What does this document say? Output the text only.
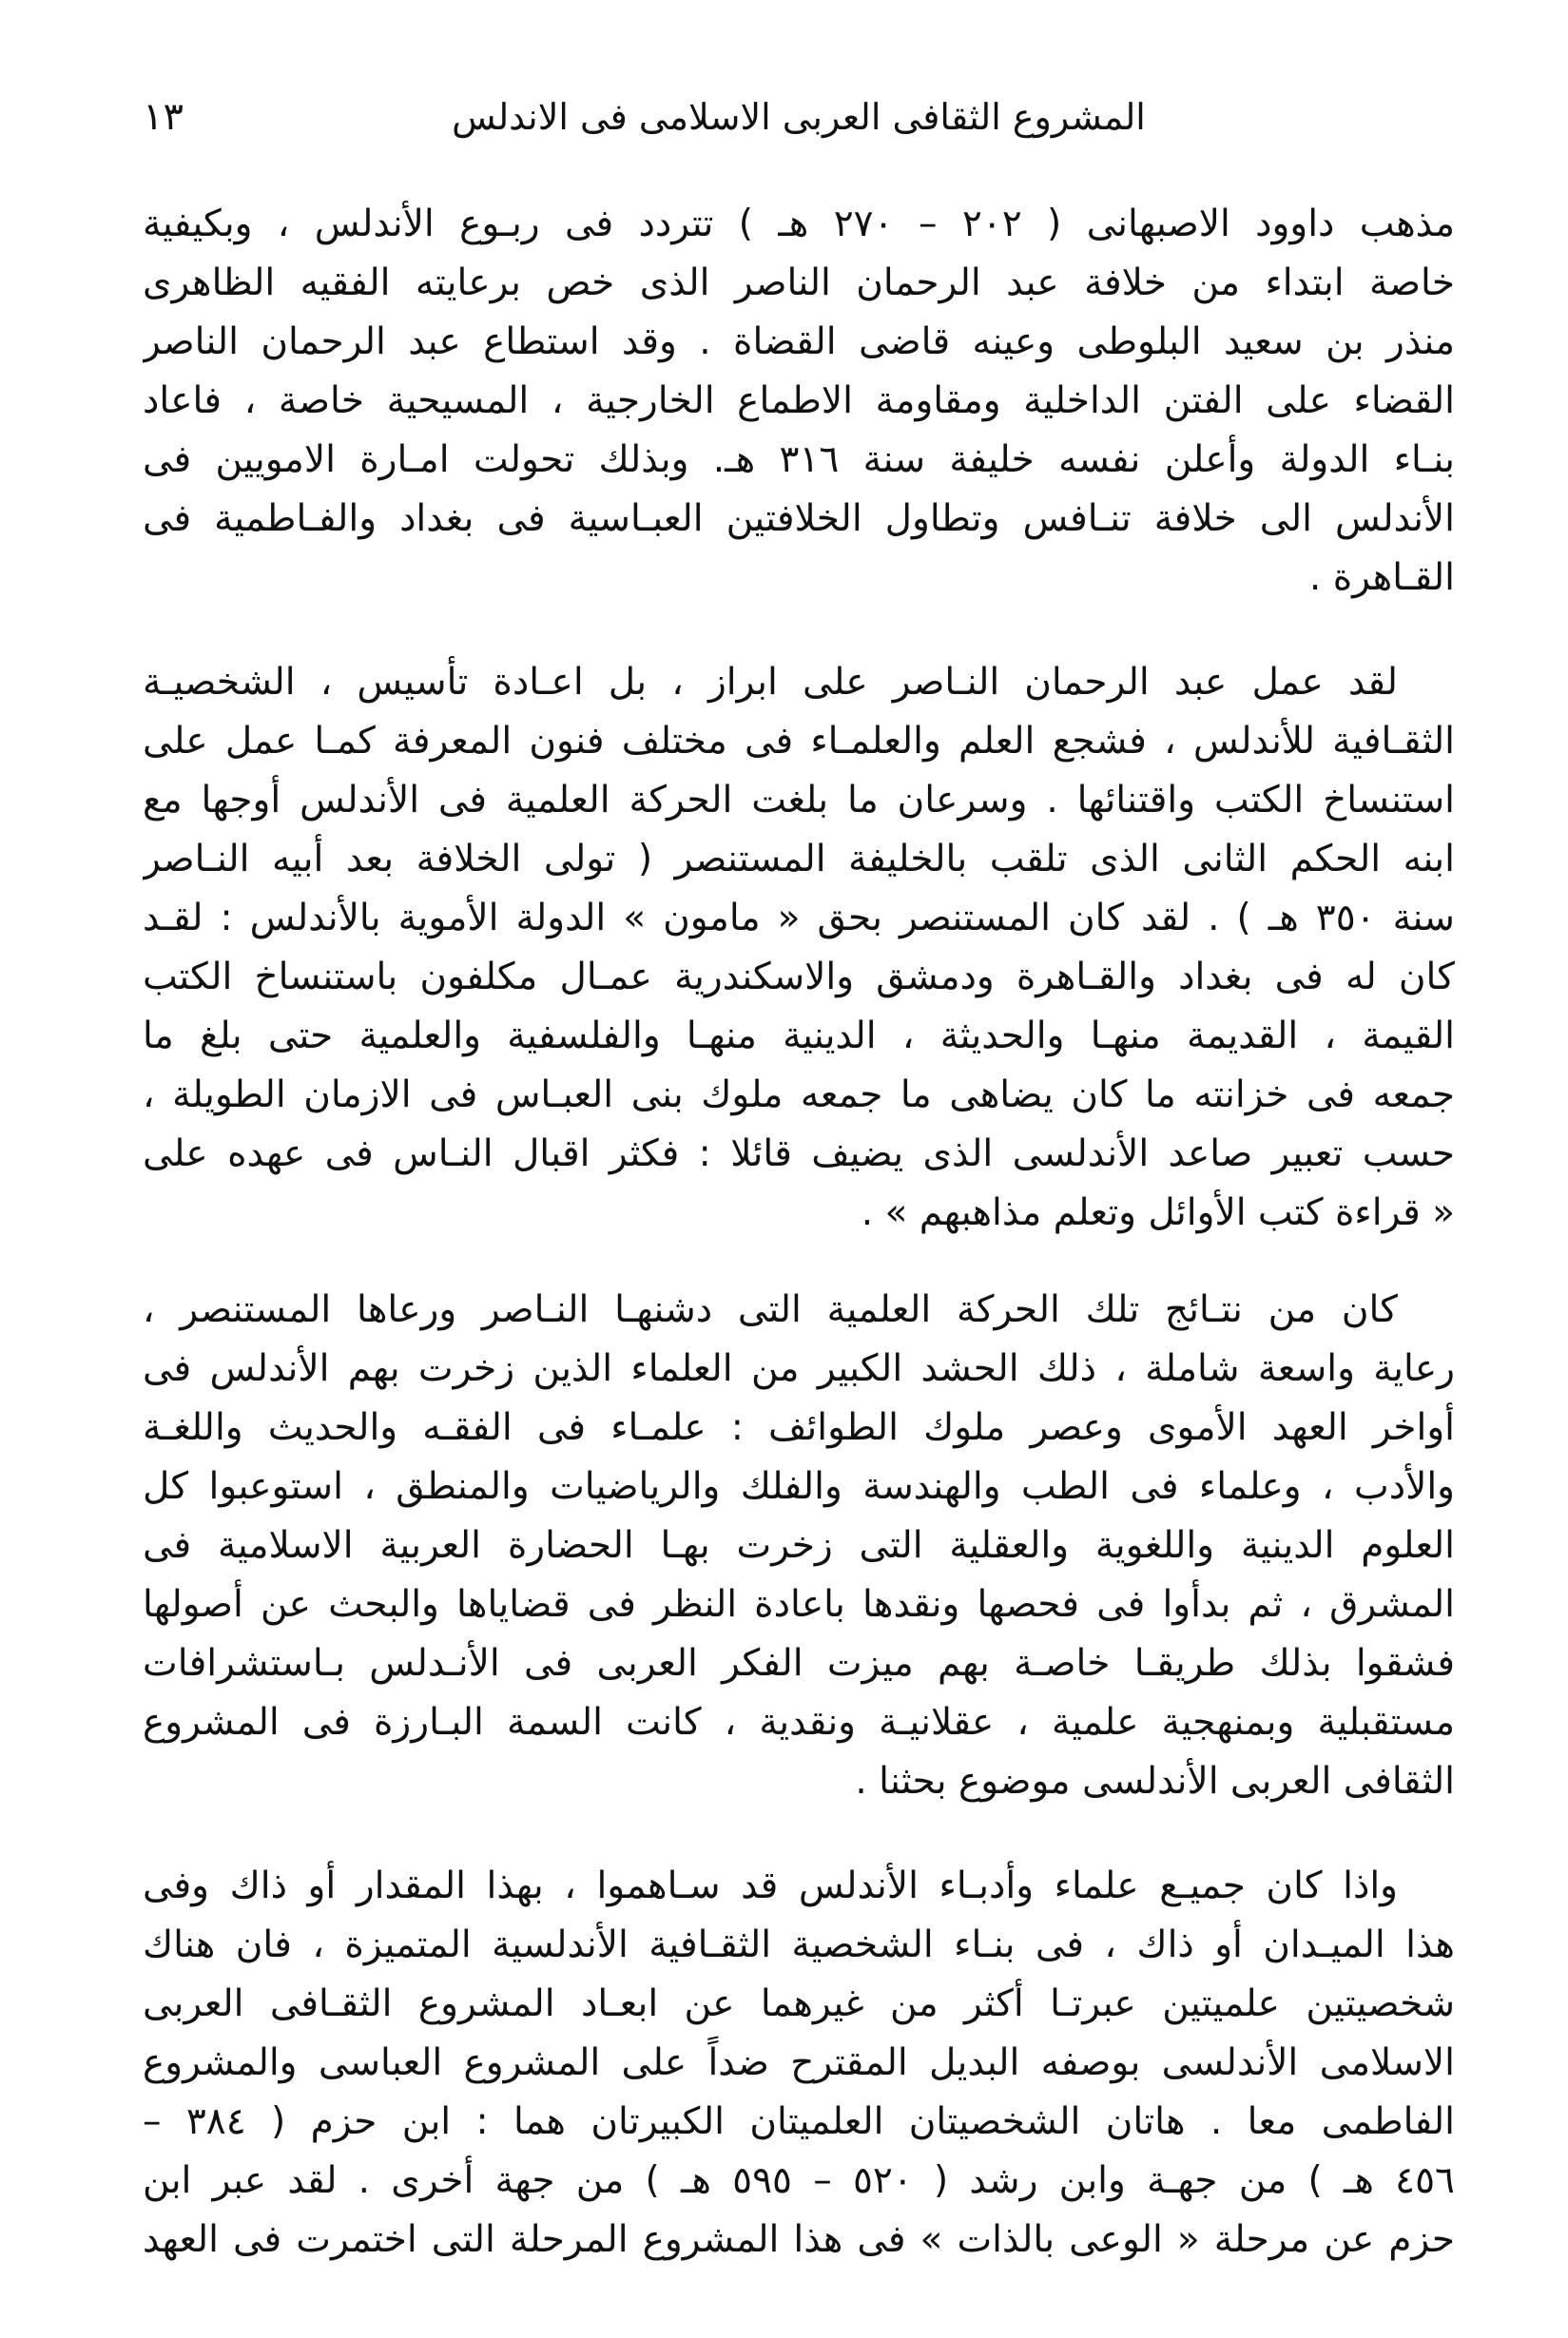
المشروع الثقافى العربى الاسلامى فى الاندلس
١٣
مذهب داوود الاصبهانى ( ٢٠٢ – ٢٧٠ هـ ) تتردد فى ربـوع الأندلس ، وبكيفية
خاصة ابتداء من خلافة عبد الرحمان الناصر الذى خص برعايته الفقيه الظاهرى
منذر بن سعيد البلوطى وعينه قاضى القضاة . وقد استطاع عبد الرحمان الناصر
القضاء على الفتن الداخلية ومقاومة الاطماع الخارجية ، المسيحية خاصة ، فاعاد
بنـاء الدولة وأعلن نفسه خليفة سنة ٣١٦ هـ. وبذلك تحولت امـارة الامويين فى
الأندلس الى خلافة تنـافس وتطاول الخلافتين العبـاسية فى بغداد والفـاطمية فى
القـاهرة .
لقد عمل عبد الرحمان النـاصر على ابراز ، بل اعـادة تأسيس ، الشخصيـة
الثقـافية للأندلس ، فشجع العلم والعلمـاء فى مختلف فنون المعرفة كمـا عمل على
استنساخ الكتب واقتنائها . وسرعان ما بلغت الحركة العلمية فى الأندلس أوجها مع
ابنه الحكم الثانى الذى تلقب بالخليفة المستنصر ( تولى الخلافة بعد أبيه النـاصر
سنة ٣٥٠ هـ ) . لقد كان المستنصر بحق « مامون » الدولة الأموية بالأندلس : لقـد
كان له فى بغداد والقـاهرة ودمشق والاسكندرية عمـال مكلفون باستنساخ الكتب
القيمة ، القديمة منهـا والحديثة ، الدينية منهـا والفلسفية والعلمية حتى بلغ ما
جمعه فى خزانته ما كان يضاهى ما جمعه ملوك بنى العبـاس فى الازمان الطويلة ،
حسب تعبير صاعد الأندلسى الذى يضيف قائلا : فكثر اقبال النـاس فى عهده على
« قراءة كتب الأوائل وتعلم مذاهبهم » .
كان من نتـائج تلك الحركة العلمية التى دشنهـا النـاصر ورعاها المستنصر ،
رعاية واسعة شاملة ، ذلك الحشد الكبير من العلماء الذين زخرت بهم الأندلس فى
أواخر العهد الأموى وعصر ملوك الطوائف : علمـاء فى الفقـه والحديث واللغـة
والأدب ، وعلماء فى الطب والهندسة والفلك والرياضيات والمنطق ، استوعبوا كل
العلوم الدينية واللغوية والعقلية التى زخرت بهـا الحضارة العربية الاسلامية فى
المشرق ، ثم بدأوا فى فحصها ونقدها باعادة النظر فى قضاياها والبحث عن أصولها
فشقوا بذلك طريقـا خاصـة بهم ميزت الفكر العربى فى الأنـدلس بـاستشرافات
مستقبلية وبمنهجية علمية ، عقلانيـة ونقدية ، كانت السمة البـارزة فى المشروع
الثقافى العربى الأندلسى موضوع بحثنا .
واذا كان جميـع علماء وأدبـاء الأندلس قد سـاهموا ، بهذا المقدار أو ذاك وفى
هذا الميـدان أو ذاك ، فى بنـاء الشخصية الثقـافية الأندلسية المتميزة ، فان هناك
شخصيتين علميتين عبرتـا أكثر من غيرهما عن ابعـاد المشروع الثقـافى العربى
الاسلامى الأندلسى بوصفه البديل المقترح ضداً على المشروع العباسى والمشروع
الفاطمى معا . هاتان الشخصيتان العلميتان الكبيرتان هما : ابن حزم ( ٣٨٤ –
٤٥٦ هـ ) من جهـة وابن رشد ( ٥٢٠ – ٥٩٥ هـ ) من جهة أخرى . لقد عبر ابن
حزم عن مرحلة « الوعى بالذات » فى هذا المشروع المرحلة التى اختمرت فى العهد
